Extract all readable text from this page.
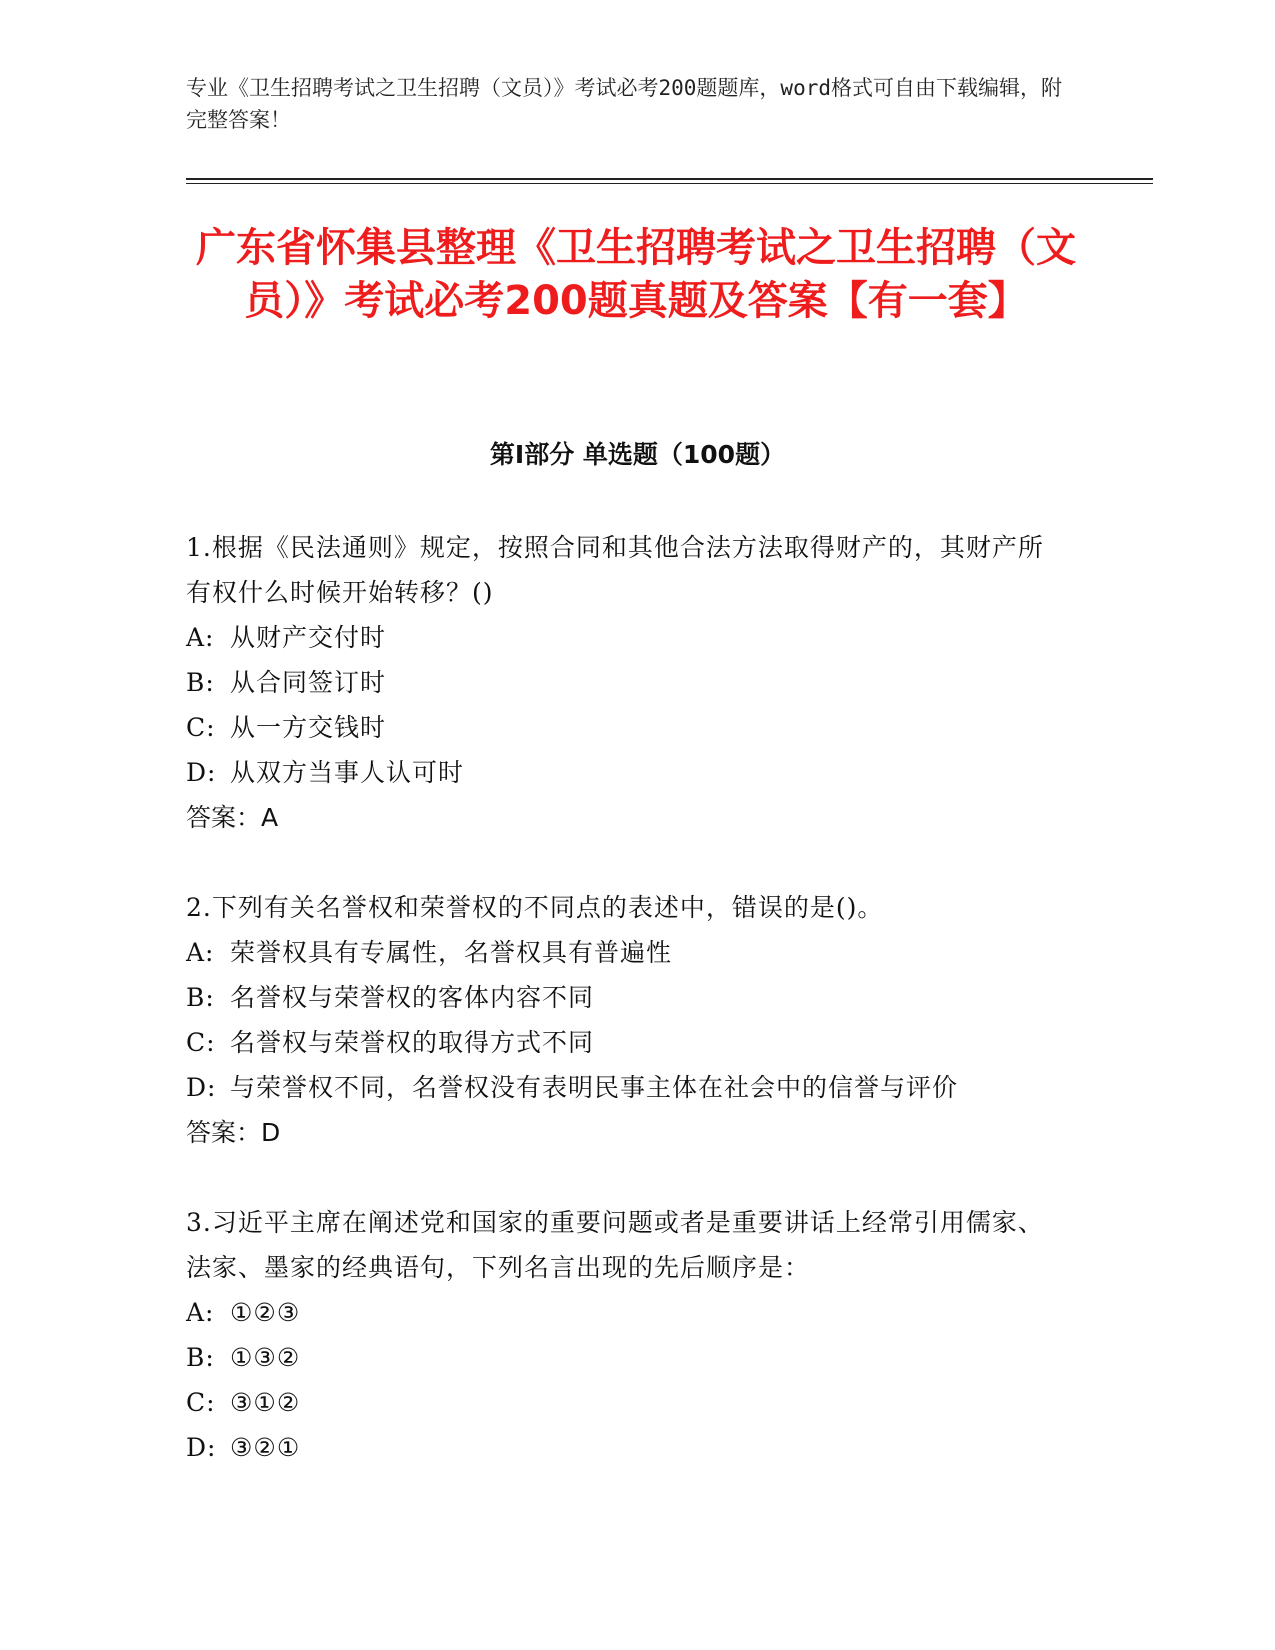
专业《卫生招聘考试之卫生招聘（文员）》考试必考200题题库，word格式可自由下载编辑，附完整答案！

广东省怀集县整理《卫生招聘考试之卫生招聘（文员）》考试必考200题真题及答案【有一套】
第Ⅰ部分 单选题（100题）

1.根据《民法通则》规定，按照合同和其他合法方法取得财产的，其财产所有权什么时候开始转移？()

A: 从财产交付时

B: 从合同签订时

C: 从一方交钱时

D: 从双方当事人认可时

答案：A

2.下列有关名誉权和荣誉权的不同点的表述中，错误的是()。

A: 荣誉权具有专属性，名誉权具有普遍性

B: 名誉权与荣誉权的客体内容不同

C: 名誉权与荣誉权的取得方式不同

D: 与荣誉权不同，名誉权没有表明民事主体在社会中的信誉与评价

答案：D

3.习近平主席在阐述党和国家的重要问题或者是重要讲话上经常引用儒家、法家、墨家的经典语句，下列名言出现的先后顺序是：

A: ①②③

B: ①③②

C: ③①②

D: ③②①
